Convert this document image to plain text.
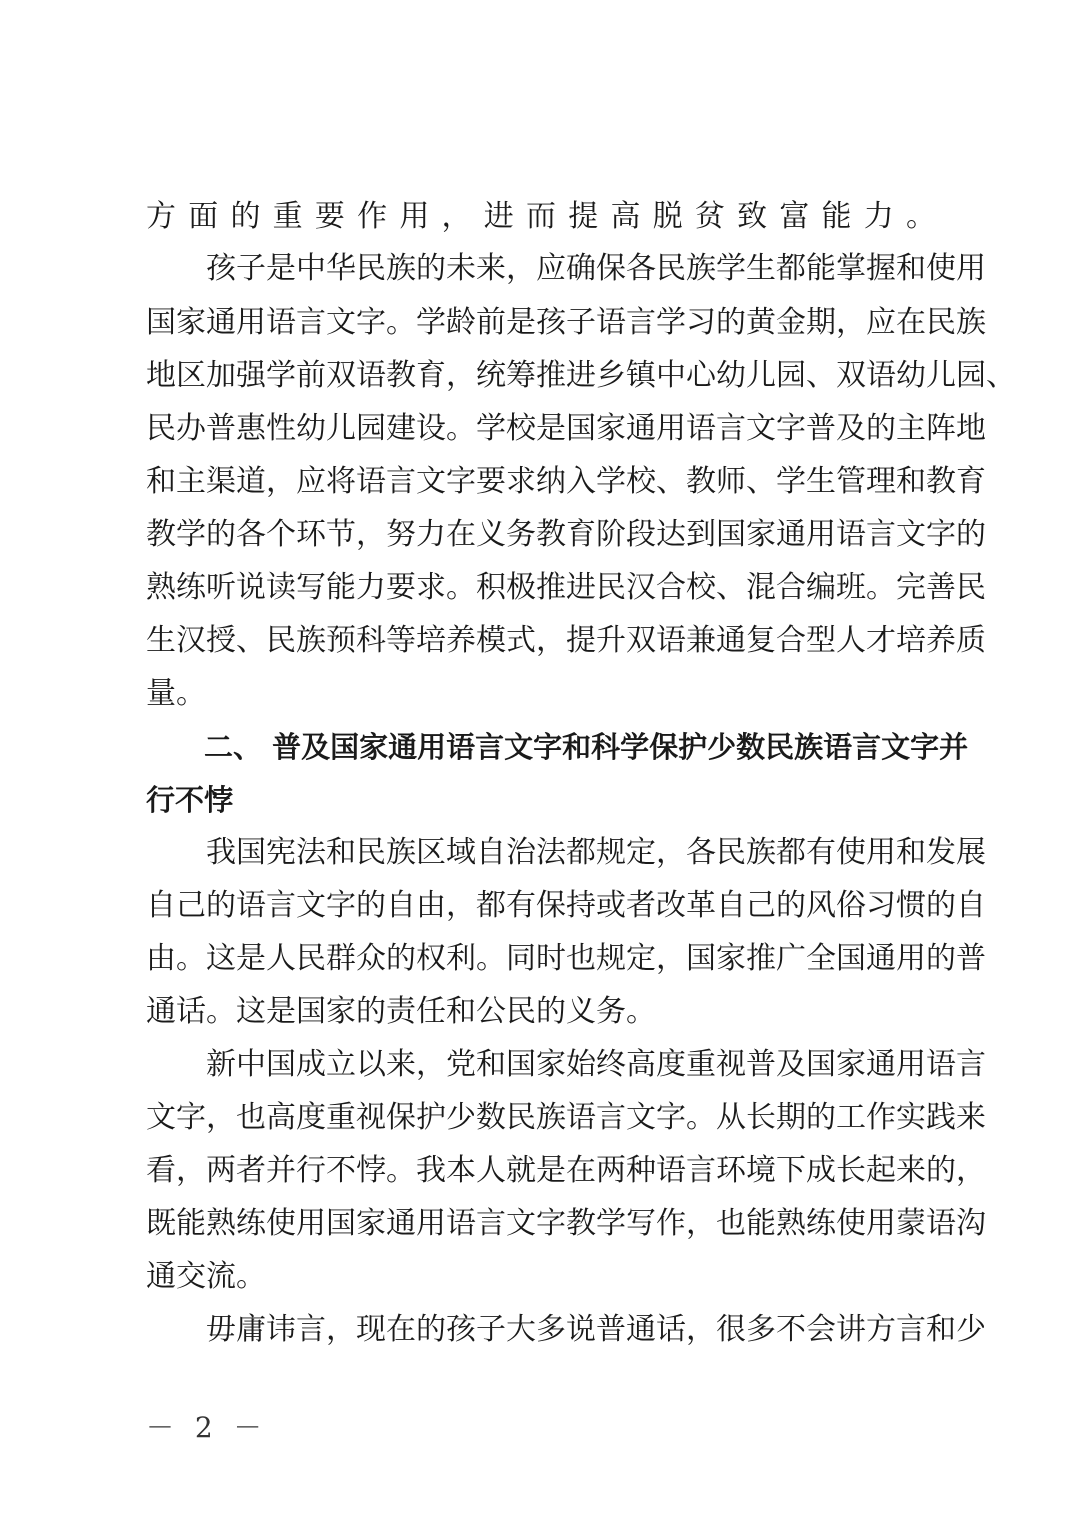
方面的重要作用，进而提高脱贫致富能力。
　　孩子是中华民族的未来，应确保各民族学生都能掌握和使用
国家通用语言文字。学龄前是孩子语言学习的黄金期，应在民族
地区加强学前双语教育，统筹推进乡镇中心幼儿园、双语幼儿园、
民办普惠性幼儿园建设。学校是国家通用语言文字普及的主阵地
和主渠道，应将语言文字要求纳入学校、教师、学生管理和教育
教学的各个环节，努力在义务教育阶段达到国家通用语言文字的
熟练听说读写能力要求。积极推进民汉合校、混合编班。完善民
生汉授、民族预科等培养模式，提升双语兼通复合型人才培养质
量。
　　二、 普及国家通用语言文字和科学保护少数民族语言文字并
行不悖
　　我国宪法和民族区域自治法都规定，各民族都有使用和发展
自己的语言文字的自由，都有保持或者改革自己的风俗习惯的自
由。这是人民群众的权利。同时也规定，国家推广全国通用的普
通话。这是国家的责任和公民的义务。
　　新中国成立以来，党和国家始终高度重视普及国家通用语言
文字，也高度重视保护少数民族语言文字。从长期的工作实践来
看，两者并行不悖。我本人就是在两种语言环境下成长起来的，
既能熟练使用国家通用语言文字教学写作，也能熟练使用蒙语沟
通交流。
　　毋庸讳言，现在的孩子大多说普通话，很多不会讲方言和少
－ 2 －
